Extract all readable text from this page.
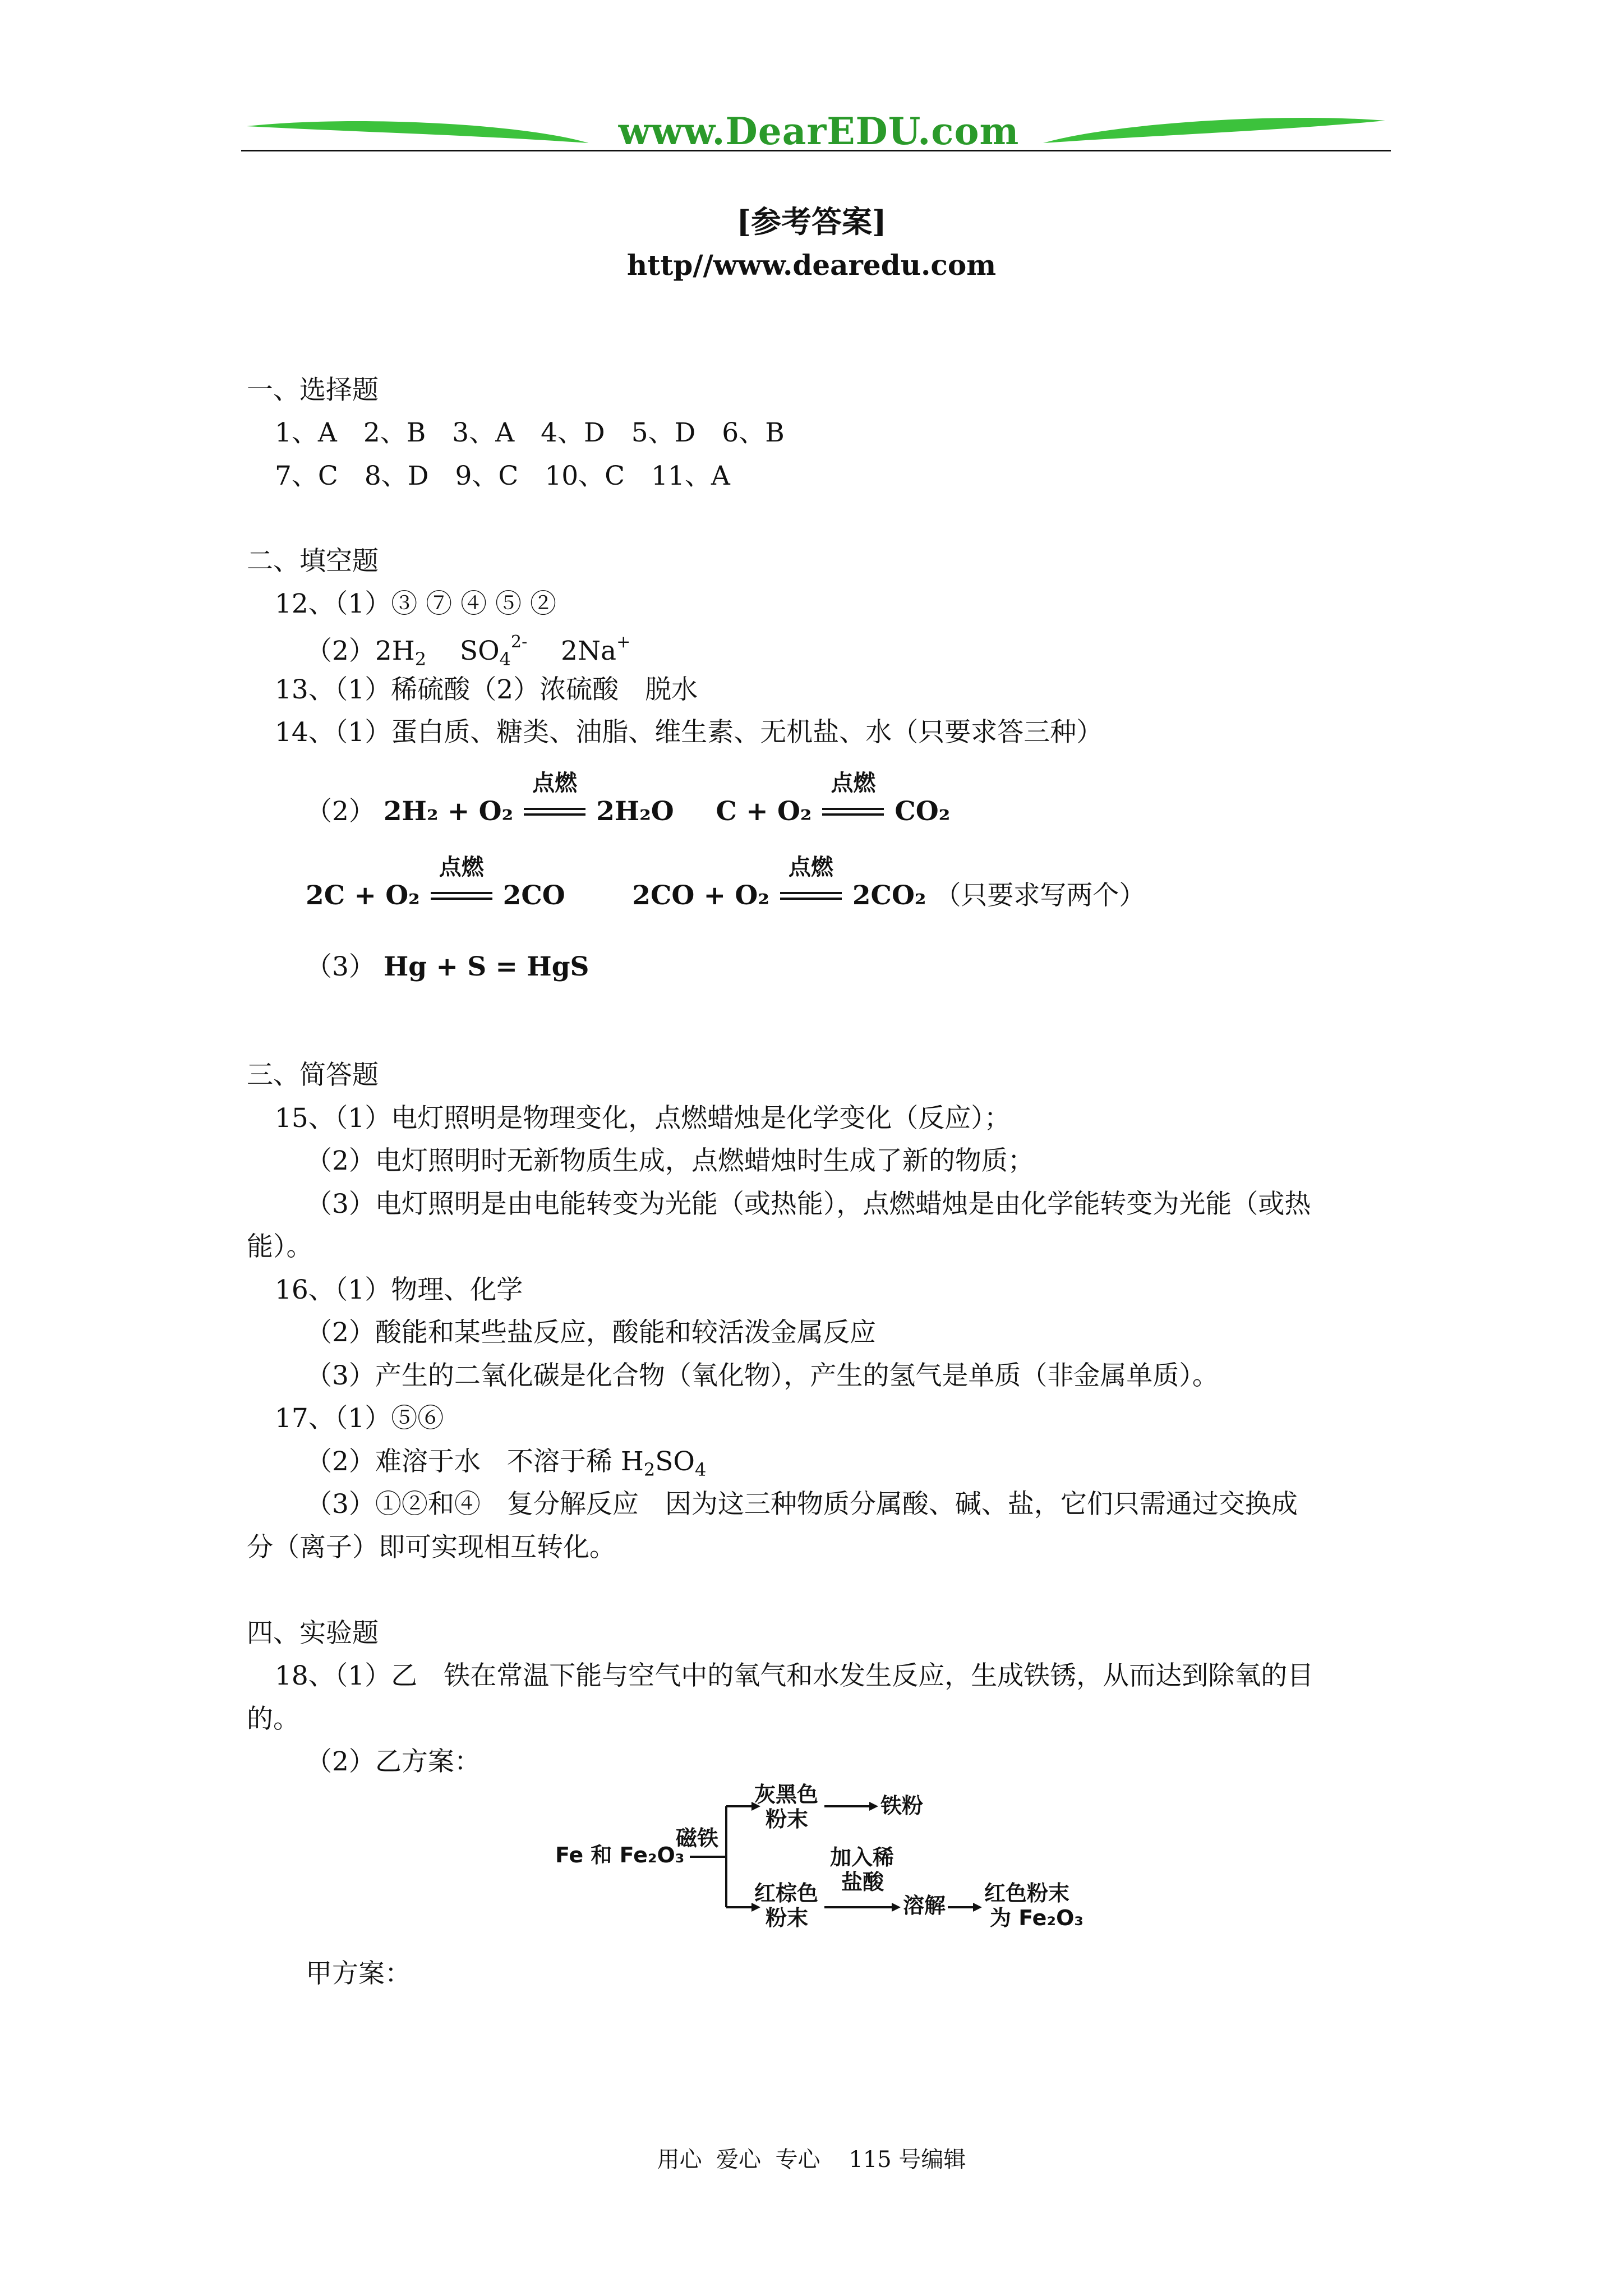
www.DearEDU.com
[参考答案]
http//www.dearedu.com
一、选择题
1、A　2、B　3、A　4、D　5、D　6、B
7、C　8、D　9、C　10、C　11、A
二、填空题
12、（1）③ ⑦ ④ ⑤ ②
$(2)2H_2$ $SO_4^{2-}$ 2Na+
13、（1）稀硫酸（2）浓硫酸　脱水
14、（1）蛋白质、糖类、油脂、维生素、无机盐、水（只要求答三种）
（2） 2H₂ + O₂
点燃
2H₂O C + O₂
点燃
CO₂
2C + O₂
点燃
2CO	2CO + O₂
点燃
2CO₂ （只要求写两个）
（3） Hg + S = HgS
三、简答题
15、（1）电灯照明是物理变化，点燃蜡烛是化学变化（反应）；
（2）电灯照明时无新物质生成，点燃蜡烛时生成了新的物质；
（3）电灯照明是由电能转变为光能（或热能），点燃蜡烛是由化学能转变为光能（或热
能）。
16、（1）物理、化学
（2）酸能和某些盐反应，酸能和较活泼金属反应
（3）产生的二氧化碳是化合物（氧化物），产生的氢气是单质（非金属单质）。
17、（1）⑤⑥
（2）难溶于水　不溶于稀 $H_2SO_4$
（3）①②和④　复分解反应　因为这三种物质分属酸、碱、盐，它们只需通过交换成
分（离子）即可实现相互转化。
四、实验题
18、（1）乙　铁在常温下能与空气中的氧气和水发生反应，生成铁锈，从而达到除氧的目
的。
（2）乙方案：
Fe 和 Fe₂O₃
磁铁
灰黑色
粉末
铁粉
加入稀
盐酸
红棕色
粉末	溶解 红色粉末
为 Fe₂O₃
甲方案：
用心  爱心  专心    115 号编辑
